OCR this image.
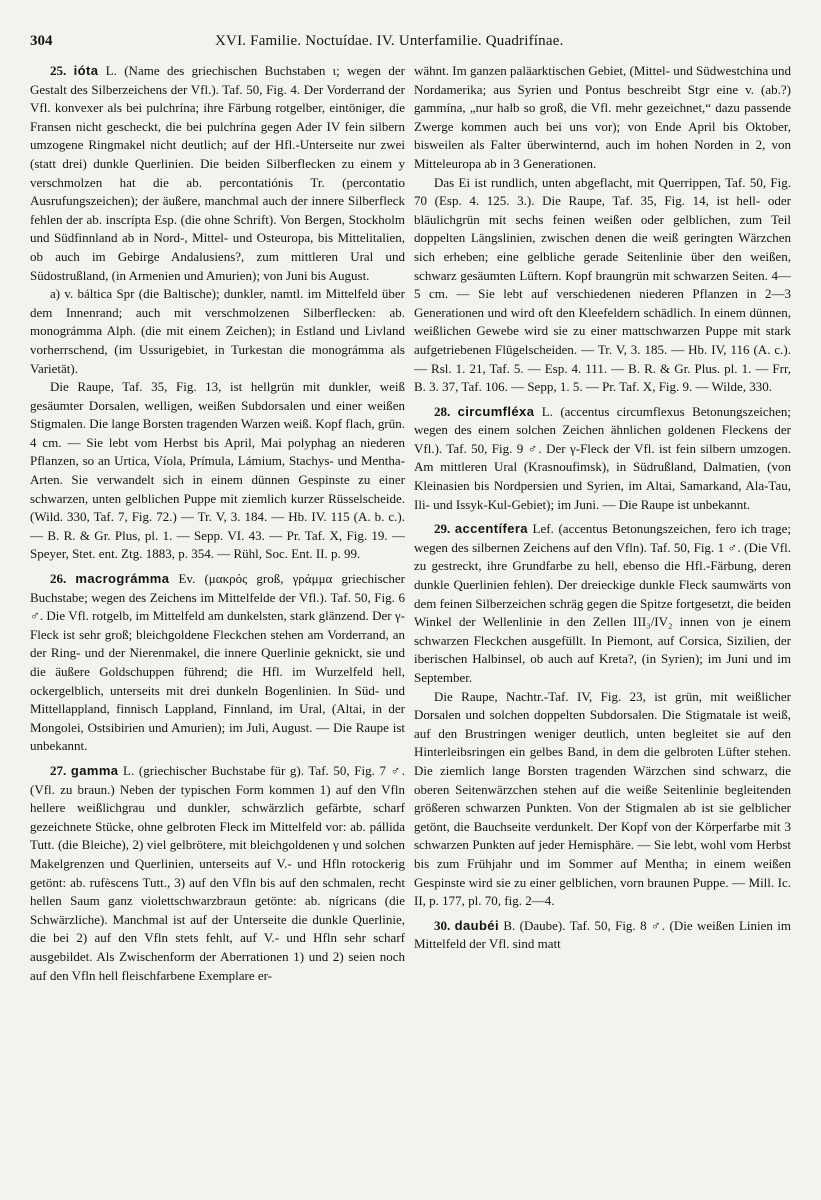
304	XVI. Familie. Noctuídae. IV. Unterfamilie. Quadrifínae.

25. ióta L. (Name des griechischen Buchstaben ι; wegen der Gestalt des Silberzeichens der Vfl.). Taf. 50, Fig. 4. Der Vorderrand der Vfl. konvexer als bei pulchrína; ihre Färbung rotgelber, eintöniger, die Fransen nicht gescheckt, die bei pulchrína gegen Ader IV fein silbern umzogene Ringmakel nicht deutlich; auf der Hfl.-Unterseite nur zwei (statt drei) dunkle Querlinien. Die beiden Silberflecken zu einem y verschmolzen hat die ab. percontatiónis Tr. (percontatio Ausrufungszeichen); der äußere, manchmal auch der innere Silberfleck fehlen der ab. inscrípta Esp. (die ohne Schrift). Von Bergen, Stockholm und Südfinnland ab in Nord-, Mittel- und Osteuropa, bis Mittelitalien, ob auch im Gebirge Andalusiens?, zum mittleren Ural und Südostrußland, (in Armenien und Amurien); von Juni bis August.

a) v. báltica Spr (die Baltische); dunkler, namtl. im Mittelfeld über dem Innenrand; auch mit verschmolzenen Silberflecken: ab. monográmma Alph. (die mit einem Zeichen); in Estland und Livland vorherrschend, (im Ussurigebiet, in Turkestan die monográmma als Varietät).

Die Raupe, Taf. 35, Fig. 13, ist hellgrün mit dunkler, weiß gesäumter Dorsalen, welligen, weißen Subdorsalen und einer weißen Stigmalen. Die lange Borsten tragenden Warzen weiß. Kopf flach, grün. 4 cm. — Sie lebt vom Herbst bis April, Mai polyphag an niederen Pflanzen, so an Urtica, Víola, Prímula, Lámium, Stachys- und Mentha-Arten. Sie verwandelt sich in einem dünnen Gespinste zu einer schwarzen, unten gelblichen Puppe mit ziemlich kurzer Rüsselscheide. (Wild. 330, Taf. 7, Fig. 72.) — Tr. V, 3. 184. — Hb. IV. 115 (A. b. c.). — B. R. & Gr. Plus, pl. 1. — Sepp. VI. 43. — Pr. Taf. X, Fig. 19. — Speyer, Stet. ent. Ztg. 1883, p. 354. — Rühl, Soc. Ent. II. p. 99.

26. macrográmma Ev. (μακρός groß, γράμμα griechischer Buchstabe; wegen des Zeichens im Mittelfelde der Vfl.). Taf. 50, Fig. 6 ♂. Die Vfl. rotgelb, im Mittelfeld am dunkelsten, stark glänzend. Der γ-Fleck ist sehr groß; bleichgoldene Fleckchen stehen am Vorderrand, an der Ring- und der Nierenmakel, die innere Querlinie geknickt, sie und die äußere Goldschuppen führend; die Hfl. im Wurzelfeld hell, ockergelblich, unterseits mit drei dunkeln Bogenlinien. In Süd- und Mittellappland, finnisch Lappland, Finnland, im Ural, (Altai, in der Mongolei, Ostsibirien und Amurien); im Juli, August. — Die Raupe ist unbekannt.

27. gamma L. (griechischer Buchstabe für g). Taf. 50, Fig. 7 ♂. (Vfl. zu braun.) Neben der typischen Form kommen 1) auf den Vfln hellere weißlichgrau und dunkler, schwärzlich gefärbte, scharf gezeichnete Stücke, ohne gelbroten Fleck im Mittelfeld vor: ab. pállida Tutt. (die Bleiche), 2) viel gelbrötere, mit bleichgoldenen γ und solchen Makelgrenzen und Querlinien, unterseits auf V.- und Hfln rotockerig getönt: ab. rufèscens Tutt., 3) auf den Vfln bis auf den schmalen, recht hellen Saum ganz violettschwarzbraun getönte: ab. nígricans (die Schwärzliche). Manchmal ist auf der Unterseite die dunkle Querlinie, die bei 2) auf den Vfln stets fehlt, auf V.- und Hfln sehr scharf ausgebildet. Als Zwischenform der Aberrationen 1) und 2) seien noch auf den Vfln hell fleischfarbene Exemplare er-

wähnt. Im ganzen paläarktischen Gebiet, (Mittel- und Südwestchina und Nordamerika; aus Syrien und Pontus beschreibt Stgr eine v. (ab.?) gammína, „nur halb so groß, die Vfl. mehr gezeichnet,“ dazu passende Zwerge kommen auch bei uns vor); von Ende April bis Oktober, bisweilen als Falter überwinternd, auch im hohen Norden in 2, von Mitteleuropa ab in 3 Generationen.

Das Ei ist rundlich, unten abgeflacht, mit Querrippen, Taf. 50, Fig. 70 (Esp. 4. 125. 3.). Die Raupe, Taf. 35, Fig. 14, ist hell- oder bläulichgrün mit sechs feinen weißen oder gelblichen, zum Teil doppelten Längslinien, zwischen denen die weiß geringten Wärzchen sich erheben; eine gelbliche gerade Seitenlinie über den weißen, schwarz gesäumten Lüftern. Kopf braungrün mit schwarzen Seiten. 4—5 cm. — Sie lebt auf verschiedenen niederen Pflanzen in 2—3 Generationen und wird oft den Kleefeldern schädlich. In einem dünnen, weißlichen Gewebe wird sie zu einer mattschwarzen Puppe mit stark aufgetriebenen Flügelscheiden. — Tr. V, 3. 185. — Hb. IV, 116 (A. c.). — Rsl. 1. 21, Taf. 5. — Esp. 4. 111. — B. R. & Gr. Plus. pl. 1. — Frr, B. 3. 37, Taf. 106. — Sepp, 1. 5. — Pr. Taf. X, Fig. 9. — Wilde, 330.

28. circumfléxa L. (accentus circumflexus Betonungszeichen; wegen des einem solchen Zeichen ähnlichen goldenen Fleckens der Vfl.). Taf. 50, Fig. 9 ♂. Der γ-Fleck der Vfl. ist fein silbern umzogen. Am mittleren Ural (Krasnoufimsk), in Südrußland, Dalmatien, (von Kleinasien bis Nordpersien und Syrien, im Altai, Samarkand, Ala-Tau, Ili- und Issyk-Kul-Gebiet); im Juni. — Die Raupe ist unbekannt.

29. accentífera Lef. (accentus Betonungszeichen, fero ich trage; wegen des silbernen Zeichens auf den Vfln). Taf. 50, Fig. 1 ♂. (Die Vfl. zu gestreckt, ihre Grundfarbe zu hell, ebenso die Hfl.-Färbung, deren dunkle Querlinien fehlen). Der dreieckige dunkle Fleck saumwärts von dem feinen Silberzeichen schräg gegen die Spitze fortgesetzt, die beiden Winkel der Wellenlinie in den Zellen III₃/IV₂ innen von je einem schwarzen Fleckchen ausgefüllt. In Piemont, auf Corsica, Sizilien, der iberischen Halbinsel, ob auch auf Kreta?, (in Syrien); im Juni und im September.

Die Raupe, Nachtr.-Taf. IV, Fig. 23, ist grün, mit weißlicher Dorsalen und solchen doppelten Subdorsalen. Die Stigmatale ist weiß, auf den Brustringen weniger deutlich, unten begleitet sie auf den Hinterleibsringen ein gelbes Band, in dem die gelbroten Lüfter stehen. Die ziemlich lange Borsten tragenden Wärzchen sind schwarz, die oberen Seitenwärzchen stehen auf die weiße Seitenlinie begleitenden größeren schwarzen Punkten. Von der Stigmalen ab ist sie gelblicher getönt, die Bauchseite verdunkelt. Der Kopf von der Körperfarbe mit 3 schwarzen Punkten auf jeder Hemisphäre. — Sie lebt, wohl vom Herbst bis zum Frühjahr und im Sommer auf Mentha; in einem weißen Gespinste wird sie zu einer gelblichen, vorn braunen Puppe. — Mill. Ic. II, p. 177, pl. 70, fig. 2—4.

30. daubéi B. (Daube). Taf. 50, Fig. 8 ♂. (Die weißen Linien im Mittelfeld der Vfl. sind matt
